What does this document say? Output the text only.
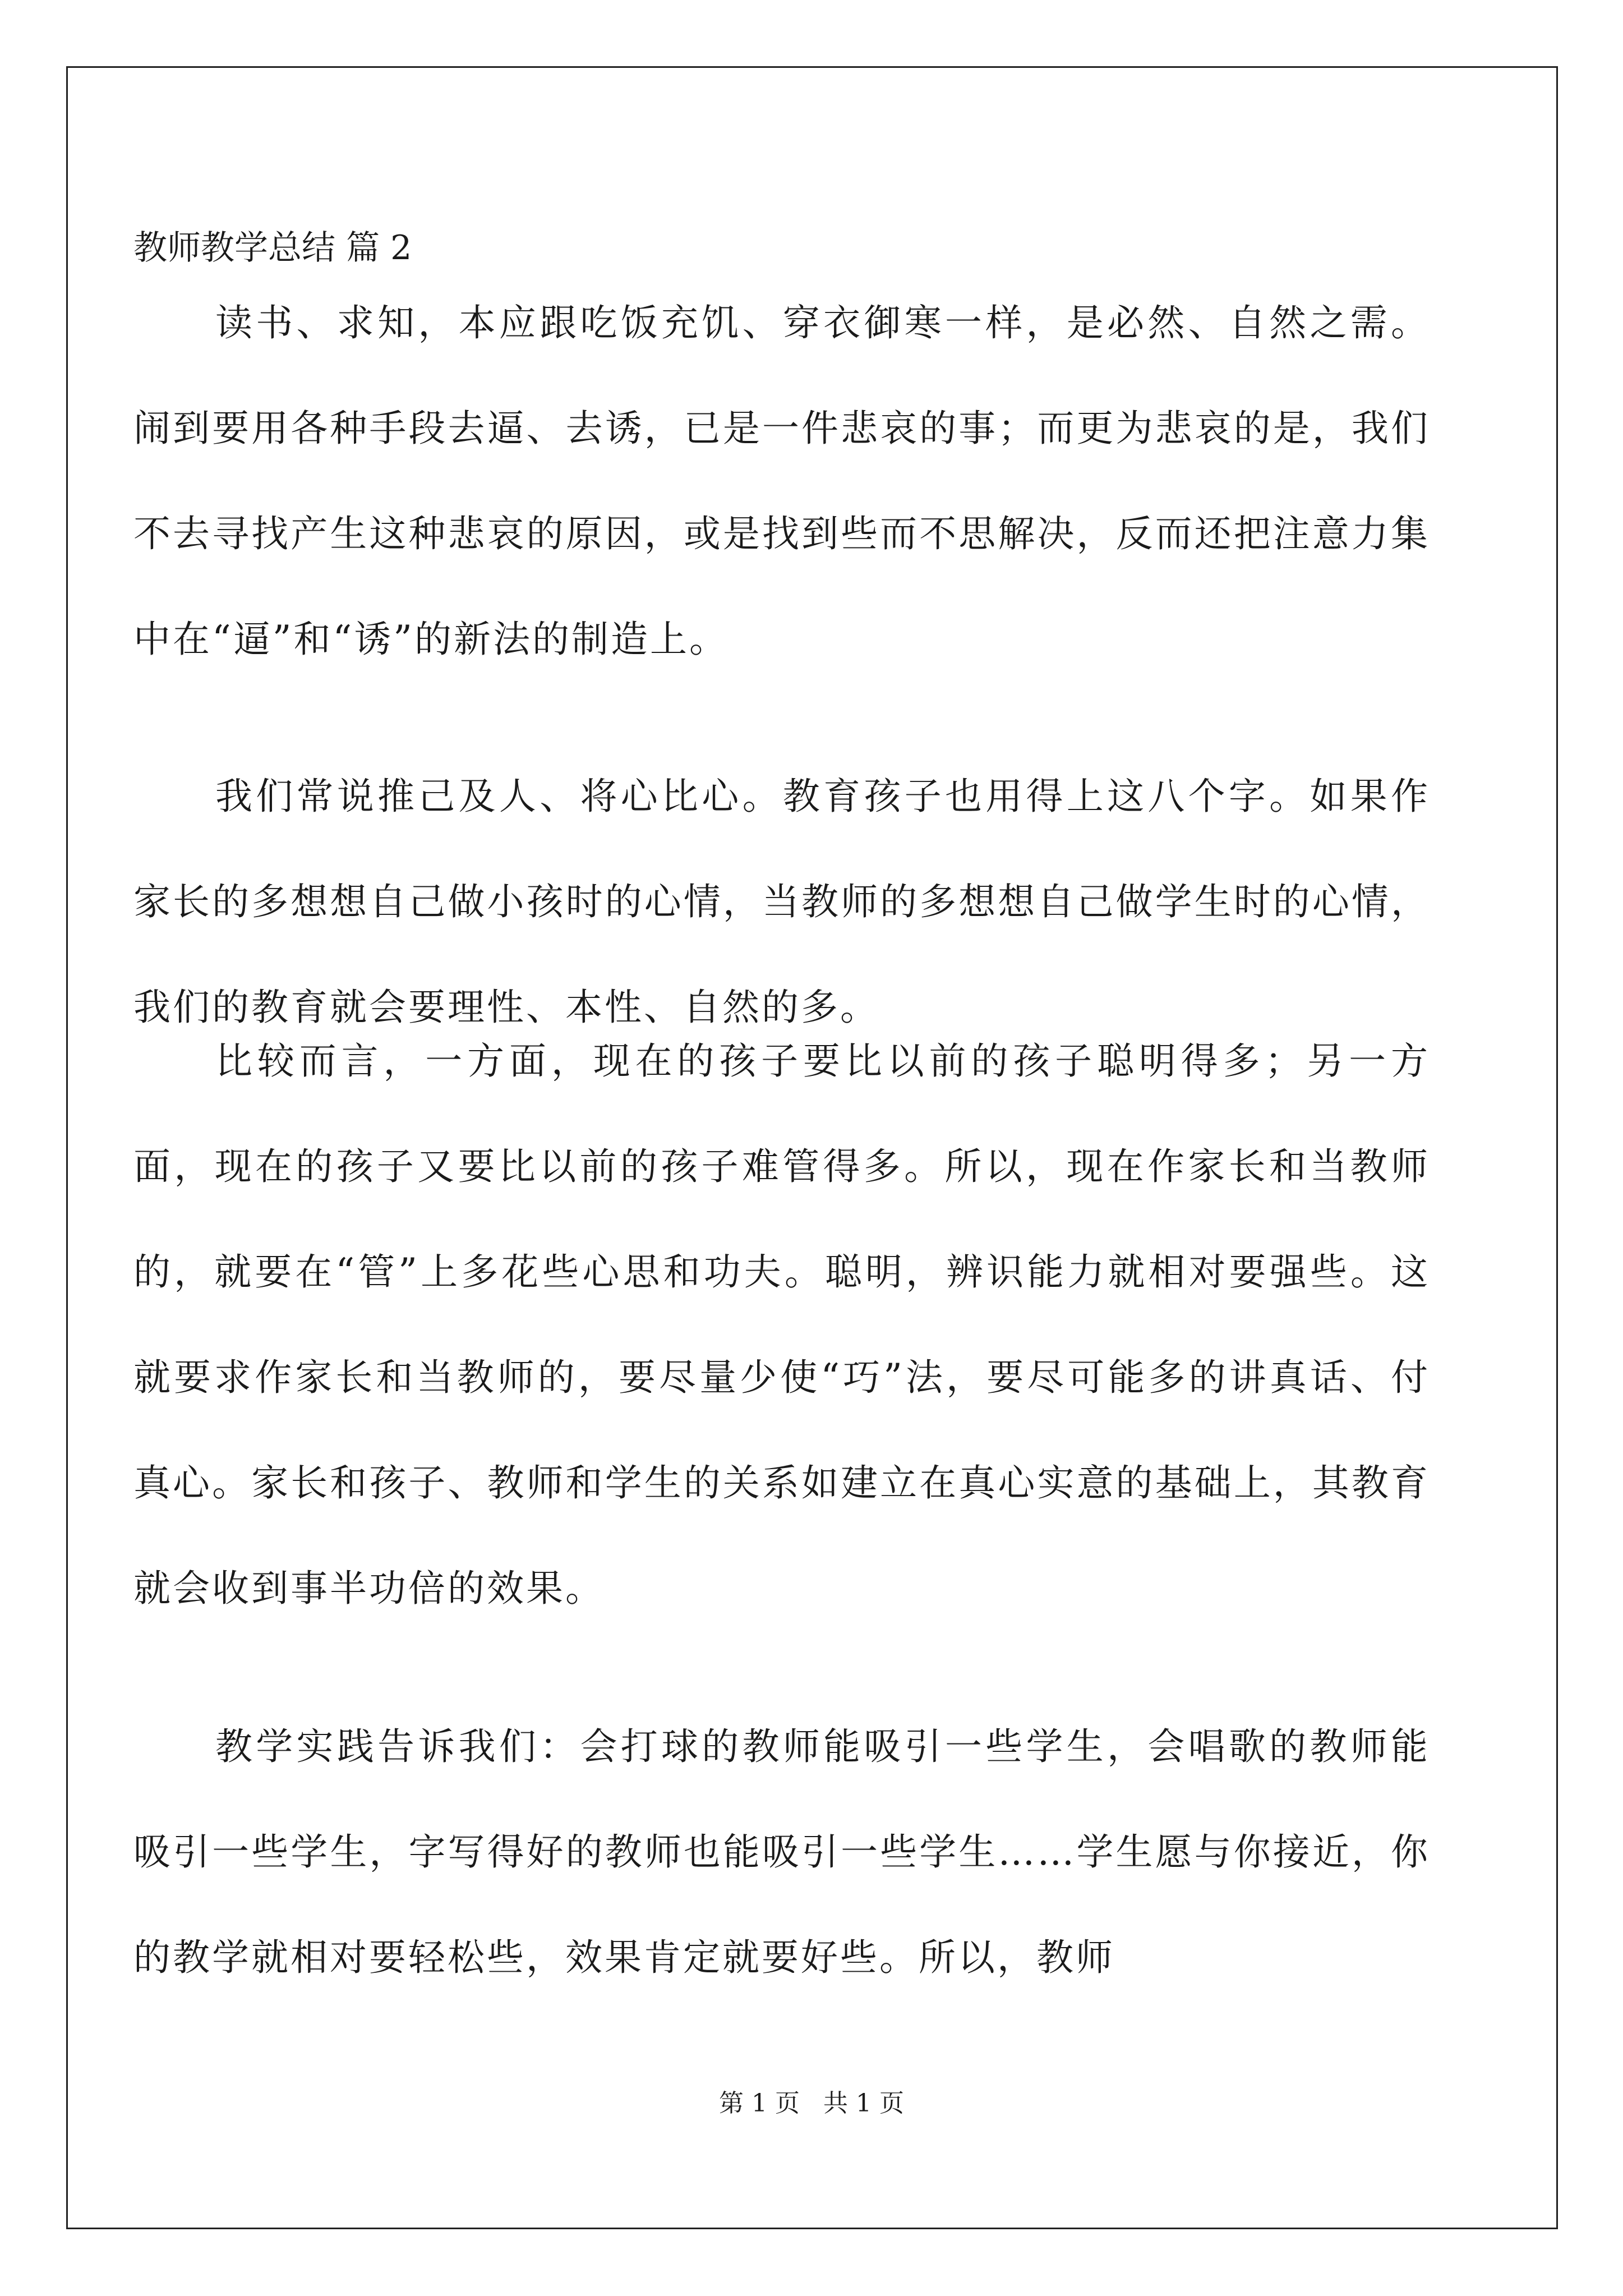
教师教学总结 篇 2

读书、求知，本应跟吃饭充饥、穿衣御寒一样，是必然、自然之需。闹到要用各种手段去逼、去诱，已是一件悲哀的事；而更为悲哀的是，我们不去寻找产生这种悲哀的原因，或是找到些而不思解决，反而还把注意力集中在“逼”和“诱”的新法的制造上。

我们常说推己及人、将心比心。教育孩子也用得上这八个字。如果作家长的多想想自己做小孩时的心情，当教师的多想想自己做学生时的心情，我们的教育就会要理性、本性、自然的多。

比较而言，一方面，现在的孩子要比以前的孩子聪明得多；另一方面，现在的孩子又要比以前的孩子难管得多。所以，现在作家长和当教师的，就要在“管”上多花些心思和功夫。聪明，辨识能力就相对要强些。这就要求作家长和当教师的，要尽量少使“巧”法，要尽可能多的讲真话、付真心。家长和孩子、教师和学生的关系如建立在真心实意的基础上，其教育就会收到事半功倍的效果。

教学实践告诉我们：会打球的教师能吸引一些学生，会唱歌的教师能吸引一些学生，字写得好的教师也能吸引一些学生……学生愿与你接近，你的教学就相对要轻松些，效果肯定就要好些。所以，教师

第 1 页   共 1 页
